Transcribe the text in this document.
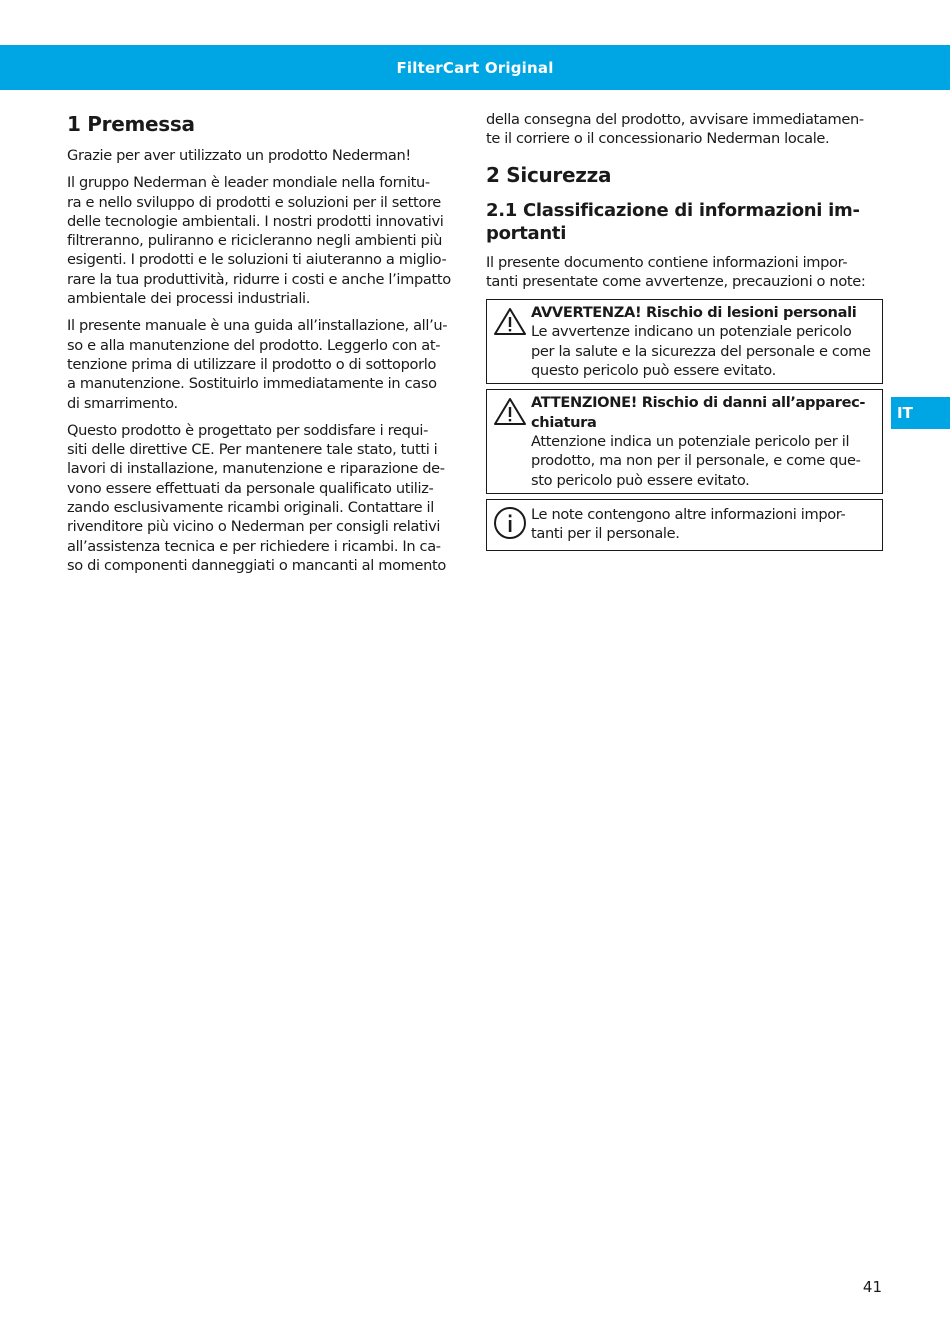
FilterCart Original
IT
1 Premessa

Grazie per aver utilizzato un prodotto Nederman!

Il gruppo Nederman è leader mondiale nella fornitu-
ra e nello sviluppo di prodotti e soluzioni per il settore
delle tecnologie ambientali. I nostri prodotti innovativi
filtreranno, puliranno e ricicleranno negli ambienti più
esigenti. I prodotti e le soluzioni ti aiuteranno a miglio-
rare la tua produttività, ridurre i costi e anche l’impatto
ambientale dei processi industriali.

Il presente manuale è una guida all’installazione, all’u-
so e alla manutenzione del prodotto. Leggerlo con at-
tenzione prima di utilizzare il prodotto o di sottoporlo
a manutenzione. Sostituirlo immediatamente in caso
di smarrimento.

Questo prodotto è progettato per soddisfare i requi-
siti delle direttive CE. Per mantenere tale stato, tutti i
lavori di installazione, manutenzione e riparazione de-
vono essere effettuati da personale qualificato utiliz-
zando esclusivamente ricambi originali. Contattare il
rivenditore più vicino o Nederman per consigli relativi
all’assistenza tecnica e per richiedere i ricambi. In ca-
so di componenti danneggiati o mancanti al momento

della consegna del prodotto, avvisare immediatamen-
te il corriere o il concessionario Nederman locale.

2 Sicurezza
2.1 Classificazione di informazioni im-
portanti

Il presente documento contiene informazioni impor-
tanti presentate come avvertenze, precauzioni o note:

AVVERTENZA! Rischio di lesioni personali
Le avvertenze indicano un potenziale pericolo
per la salute e la sicurezza del personale e come
questo pericolo può essere evitato.
ATTENZIONE! Rischio di danni all’apparec-
chiatura
Attenzione indica un potenziale pericolo per il
prodotto, ma non per il personale, e come que-
sto pericolo può essere evitato.
Le note contengono altre informazioni impor-
tanti per il personale.
41
